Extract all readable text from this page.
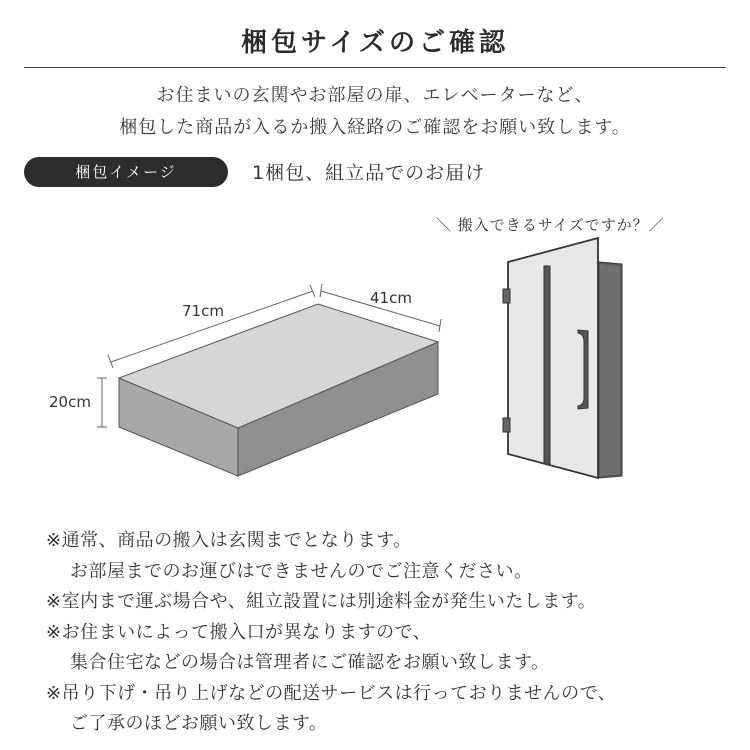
梱包サイズのご確認
お住まいの玄関やお部屋の扉、エレベーターなど、
梱包した商品が入るか搬入経路のご確認をお願い致します。
梱包イメージ	1梱包、組立品でのお届け
＼ 搬入できるサイズですか？／
71cm
41cm
20cm
※通常、商品の搬入は玄関までとなります。
お部屋までのお運びはできませんのでご注意ください。
※室内まで運ぶ場合や、組立設置には別途料金が発生いたします。
※お住まいによって搬入口が異なりますので、
集合住宅などの場合は管理者にご確認をお願い致します。
※吊り下げ・吊り上げなどの配送サービスは行っておりませんので、
ご了承のほどお願い致します。
